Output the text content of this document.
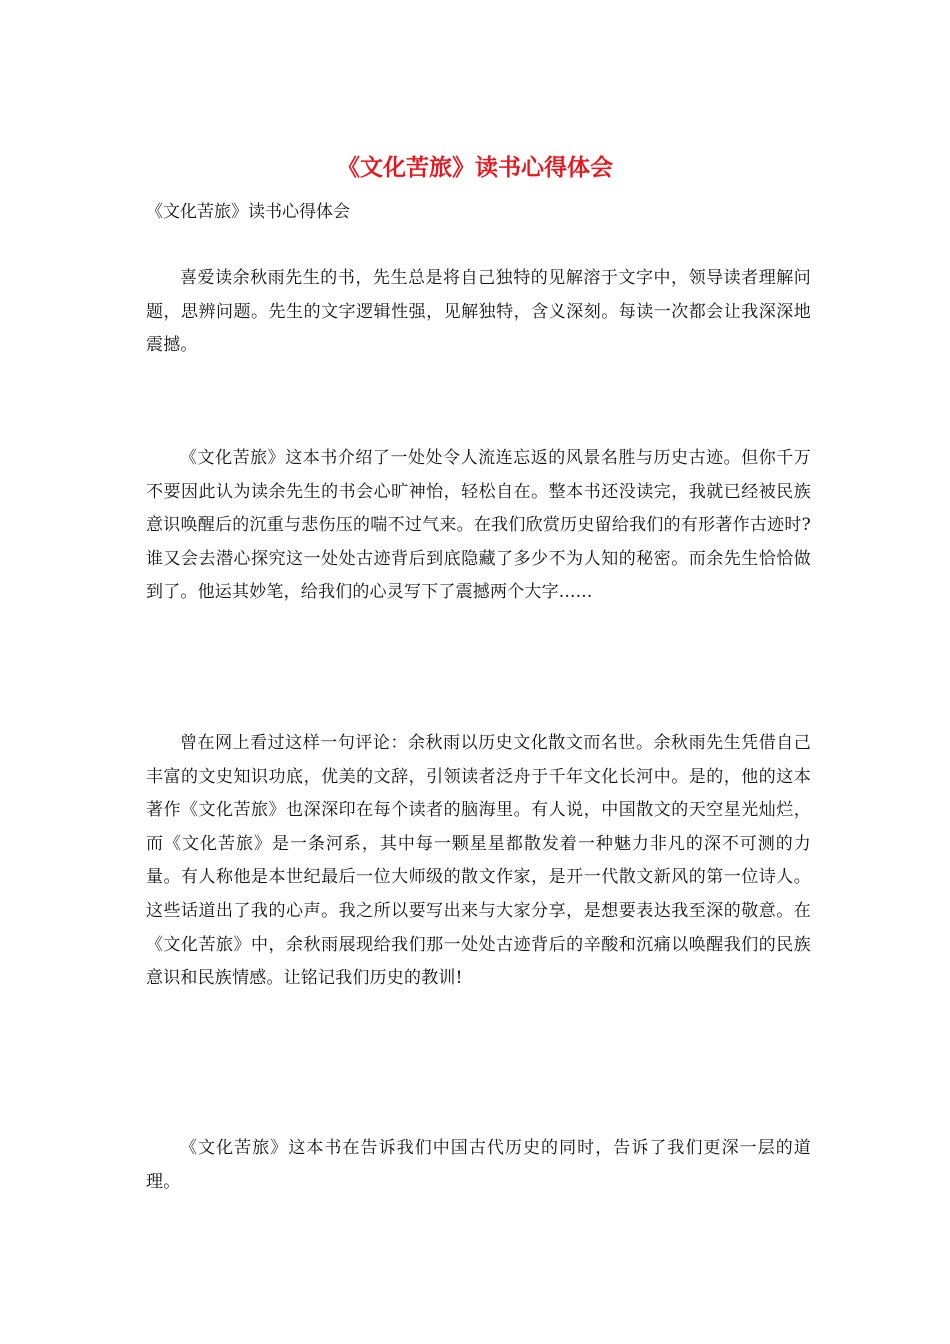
《文化苦旅》读书心得体会

《文化苦旅》读书心得体会

喜爱读余秋雨先生的书，先生总是将自己独特的见解溶于文字中，领导读者理解问题，思辨问题。先生的文字逻辑性强，见解独特，含义深刻。每读一次都会让我深深地震撼。

《文化苦旅》这本书介绍了一处处令人流连忘返的风景名胜与历史古迹。但你千万不要因此认为读余先生的书会心旷神怡，轻松自在。整本书还没读完，我就已经被民族意识唤醒后的沉重与悲伤压的喘不过气来。在我们欣赏历史留给我们的有形著作古迹时?谁又会去潜心探究这一处处古迹背后到底隐藏了多少不为人知的秘密。而余先生恰恰做到了。他运其妙笔，给我们的心灵写下了震撼两个大字......

曾在网上看过这样一句评论：余秋雨以历史文化散文而名世。余秋雨先生凭借自己丰富的文史知识功底，优美的文辞，引领读者泛舟于千年文化长河中。是的，他的这本著作《文化苦旅》也深深印在每个读者的脑海里。有人说，中国散文的天空星光灿烂，而《文化苦旅》是一条河系，其中每一颗星星都散发着一种魅力非凡的深不可测的力量。有人称他是本世纪最后一位大师级的散文作家，是开一代散文新风的第一位诗人。这些话道出了我的心声。我之所以要写出来与大家分享，是想要表达我至深的敬意。在《文化苦旅》中，余秋雨展现给我们那一处处古迹背后的辛酸和沉痛以唤醒我们的民族意识和民族情感。让铭记我们历史的教训!

《文化苦旅》这本书在告诉我们中国古代历史的同时，告诉了我们更深一层的道理。
